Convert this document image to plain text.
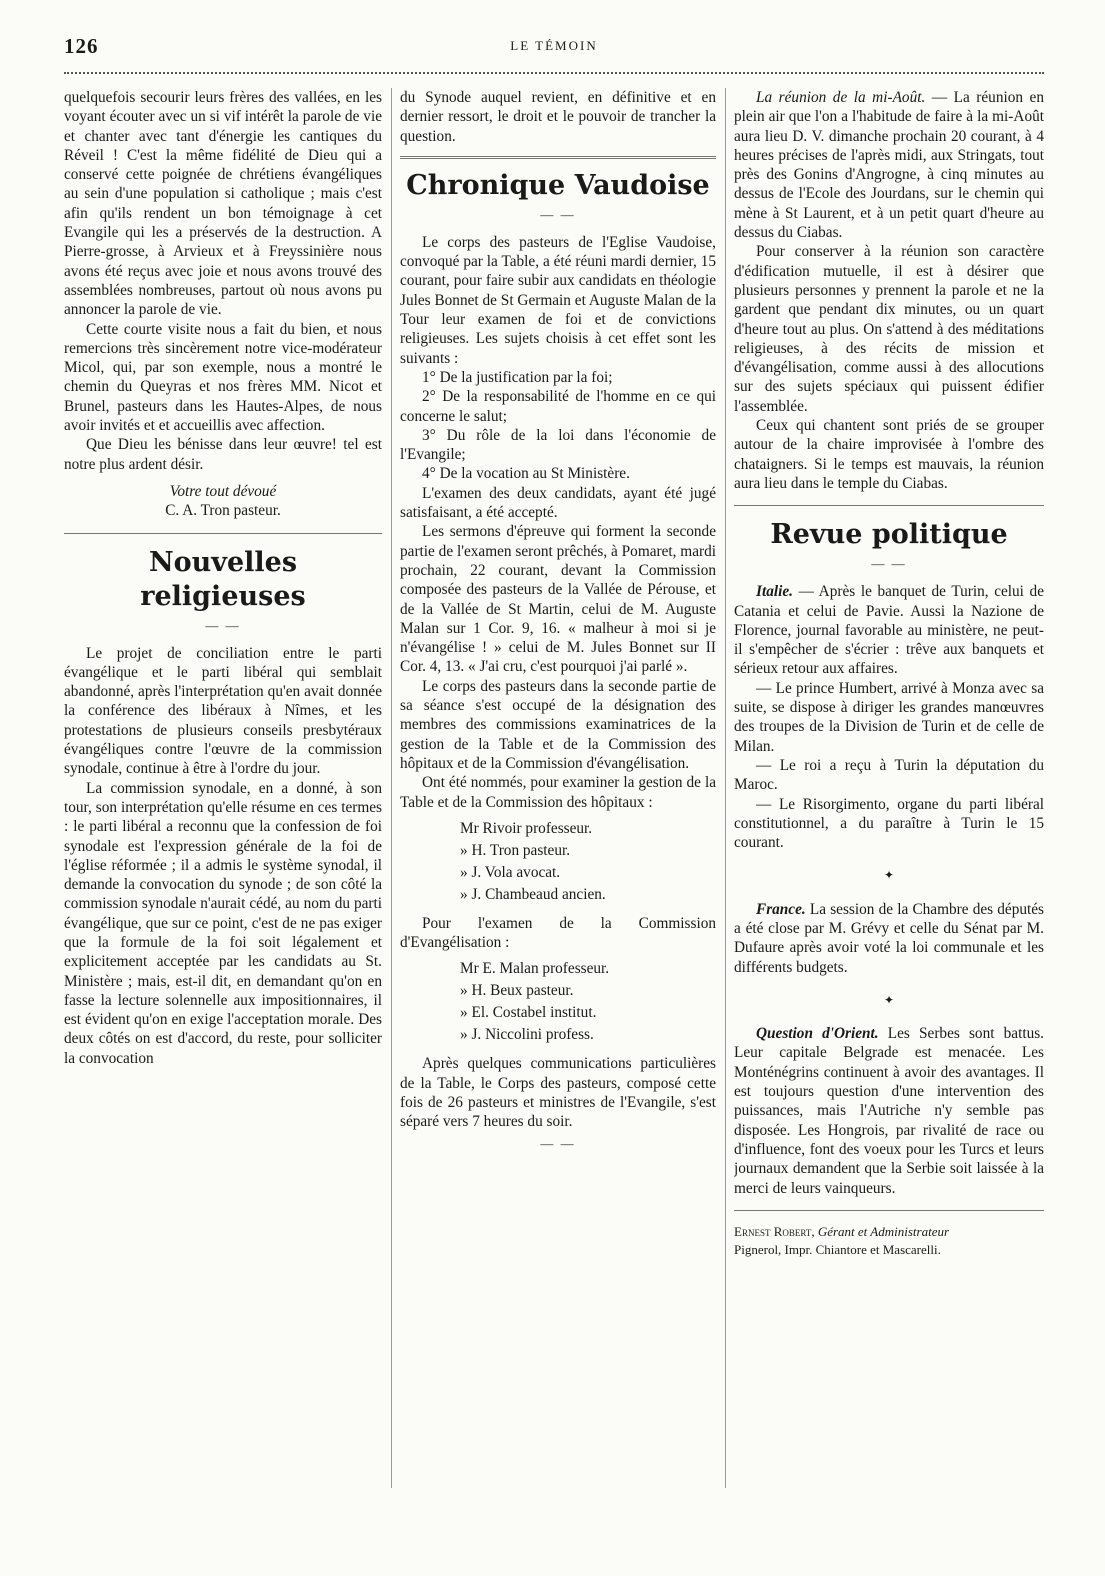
126	LE TÉMOIN

quelquefois secourir leurs frères des vallées, en les voyant écouter avec un si vif intérêt la parole de vie et chanter avec tant d'énergie les cantiques du Réveil ! C'est la même fidélité de Dieu qui a conservé cette poignée de chrétiens évangéliques au sein d'une population si catholique ; mais c'est afin qu'ils rendent un bon témoignage à cet Evangile qui les a préservés de la destruction. A Pierre-grosse, à Arvieux et à Freyssinière nous avons été reçus avec joie et nous avons trouvé des assemblées nombreuses, partout où nous avons pu annoncer la parole de vie.

Cette courte visite nous a fait du bien, et nous remercions très sincèrement notre vice-modérateur Micol, qui, par son exemple, nous a montré le chemin du Queyras et nos frères MM. Nicot et Brunel, pasteurs dans les Hautes-Alpes, de nous avoir invités et et accueillis avec affection.

Que Dieu les bénisse dans leur œuvre! tel est notre plus ardent désir.

Votre tout dévoué
C. A. Tron pasteur.
Nouvelles religieuses
— —

Le projet de conciliation entre le parti évangélique et le parti libéral qui semblait abandonné, après l'interprétation qu'en avait donnée la conférence des libéraux à Nîmes, et les protestations de plusieurs conseils presbytéraux évangéliques contre l'œuvre de la commission synodale, continue à être à l'ordre du jour.

La commission synodale, en a donné, à son tour, son interprétation qu'elle résume en ces termes : le parti libéral a reconnu que la confession de foi synodale est l'expression générale de la foi de l'église réformée ; il a admis le système synodal, il demande la convocation du synode ; de son côté la commission synodale n'aurait cédé, au nom du parti évangélique, que sur ce point, c'est de ne pas exiger que la formule de la foi soit légalement et explicitement acceptée par les candidats au St. Ministère ; mais, est-il dit, en demandant qu'on en fasse la lecture solennelle aux impositionnaires, il est évident qu'on en exige l'acceptation morale. Des deux côtés on est d'accord, du reste, pour solliciter la convocation

du Synode auquel revient, en définitive et en dernier ressort, le droit et le pouvoir de trancher la question.

Chronique Vaudoise
— —

Le corps des pasteurs de l'Eglise Vaudoise, convoqué par la Table, a été réuni mardi dernier, 15 courant, pour faire subir aux candidats en théologie Jules Bonnet de St Germain et Auguste Malan de la Tour leur examen de foi et de convictions religieuses. Les sujets choisis à cet effet sont les suivants :

1° De la justification par la foi;

2° De la responsabilité de l'homme en ce qui concerne le salut;

3° Du rôle de la loi dans l'économie de l'Evangile;

4° De la vocation au St Ministère.

L'examen des deux candidats, ayant été jugé satisfaisant, a été accepté.

Les sermons d'épreuve qui forment la seconde partie de l'examen seront prêchés, à Pomaret, mardi prochain, 22 courant, devant la Commission composée des pasteurs de la Vallée de Pérouse, et de la Vallée de St Martin, celui de M. Auguste Malan sur 1 Cor. 9, 16. « malheur à moi si je n'évangélise ! » celui de M. Jules Bonnet sur II Cor. 4, 13. « J'ai cru, c'est pourquoi j'ai parlé ».

Le corps des pasteurs dans la seconde partie de sa séance s'est occupé de la désignation des membres des commissions examinatrices de la gestion de la Table et de la Commission des hôpitaux et de la Commission d'évangélisation.

Ont été nommés, pour examiner la gestion de la Table et de la Commission des hôpitaux :

Mr Rivoir professeur.
» H. Tron pasteur.
» J. Vola avocat.
» J. Chambeaud ancien.

Pour l'examen de la Commission d'Evangélisation :

Mr E. Malan professeur.
» H. Beux pasteur.
» El. Costabel institut.
» J. Niccolini profess.

Après quelques communications particulières de la Table, le Corps des pasteurs, composé cette fois de 26 pasteurs et ministres de l'Evangile, s'est séparé vers 7 heures du soir.

— —

La réunion de la mi-Août. — La réunion en plein air que l'on a l'habitude de faire à la mi-Août aura lieu D. V. dimanche prochain 20 courant, à 4 heures précises de l'après midi, aux Stringats, tout près des Gonins d'Angrogne, à cinq minutes au dessus de l'Ecole des Jourdans, sur le chemin qui mène à St Laurent, et à un petit quart d'heure au dessus du Ciabas.

Pour conserver à la réunion son caractère d'édification mutuelle, il est à désirer que plusieurs personnes y prennent la parole et ne la gardent que pendant dix minutes, ou un quart d'heure tout au plus. On s'attend à des méditations religieuses, à des récits de mission et d'évangélisation, comme aussi à des allocutions sur des sujets spéciaux qui puissent édifier l'assemblée.

Ceux qui chantent sont priés de se grouper autour de la chaire improvisée à l'ombre des chataigners. Si le temps est mauvais, la réunion aura lieu dans le temple du Ciabas.

Revue politique
— —

Italie. — Après le banquet de Turin, celui de Catania et celui de Pavie. Aussi la Nazione de Florence, journal favorable au ministère, ne peut-il s'empêcher de s'écrier : trêve aux banquets et sérieux retour aux affaires.

— Le prince Humbert, arrivé à Monza avec sa suite, se dispose à diriger les grandes manœuvres des troupes de la Division de Turin et de celle de Milan.

— Le roi a reçu à Turin la députation du Maroc.

— Le Risorgimento, organe du parti libéral constitutionnel, a du paraître à Turin le 15 courant.

✦

France. La session de la Chambre des députés a été close par M. Grévy et celle du Sénat par M. Dufaure après avoir voté la loi communale et les différents budgets.

✦

Question d'Orient. Les Serbes sont battus. Leur capitale Belgrade est menacée. Les Monténégrins continuent à avoir des avantages. Il est toujours question d'une intervention des puissances, mais l'Autriche n'y semble pas disposée. Les Hongrois, par rivalité de race ou d'influence, font des voeux pour les Turcs et leurs journaux demandent que la Serbie soit laissée à la merci de leurs vainqueurs.

Ernest Robert, Gérant et Administrateur
Pignerol, Impr. Chiantore et Mascarelli.
